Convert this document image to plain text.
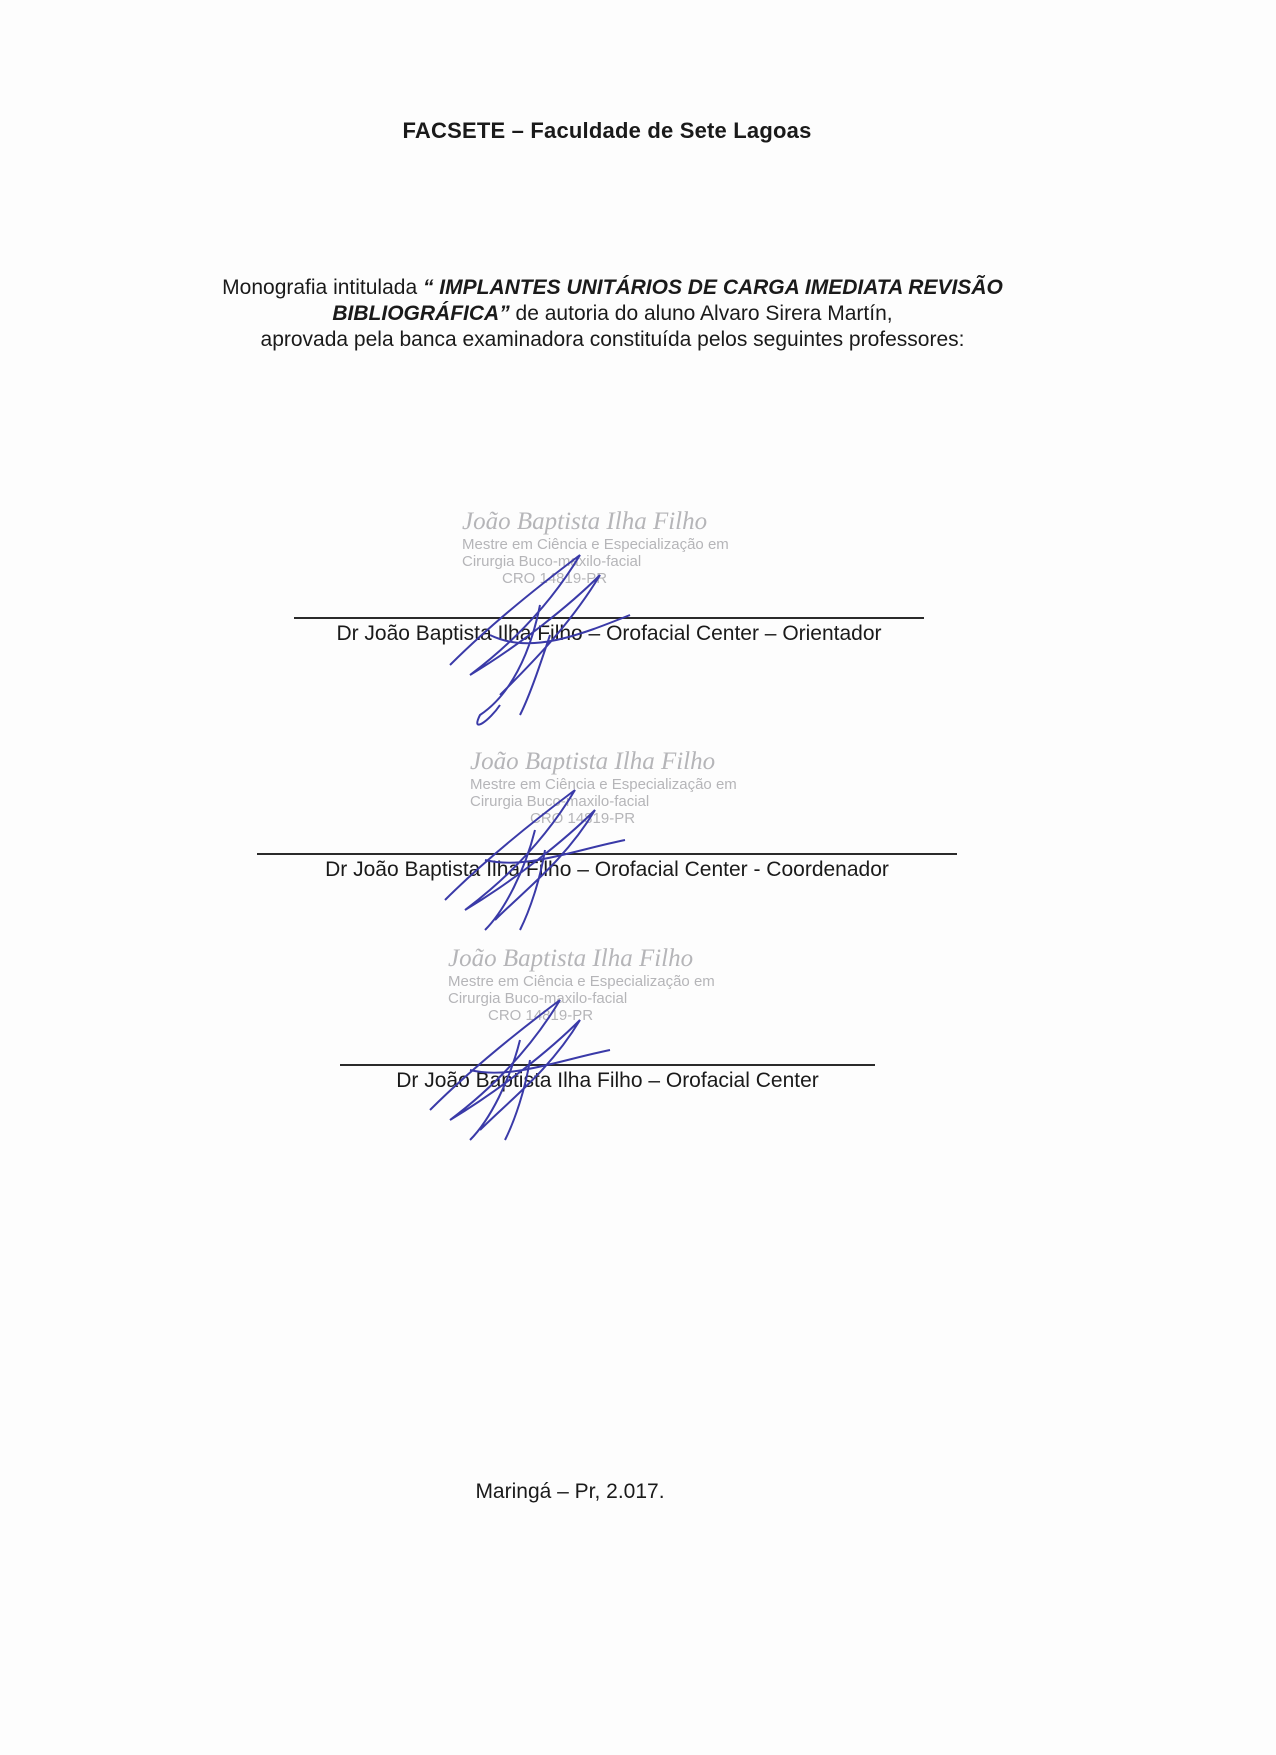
FACSETE – Faculdade de Sete Lagoas
Monografia intitulada “ IMPLANTES UNITÁRIOS DE CARGA IMEDIATA REVISÃO BIBLIOGRÁFICA” de autoria do aluno Alvaro Sirera Martín,
aprovada pela banca examinadora constituída pelos seguintes professores:
João Baptista Ilha Filho
Mestre em Ciência e Especialização em
Cirurgia Buco-maxilo-facial
CRO 14819-PR
Dr João Baptista Ilha Filho – Orofacial Center – Orientador
João Baptista Ilha Filho
Mestre em Ciência e Especialização em
Cirurgia Buco-maxilo-facial
CRO 14819-PR
Dr João Baptista Ilha Filho – Orofacial Center - Coordenador
João Baptista Ilha Filho
Mestre em Ciência e Especialização em
Cirurgia Buco-maxilo-facial
CRO 14819-PR
Dr João Baptista Ilha Filho – Orofacial Center
Maringá – Pr, 2.017.
